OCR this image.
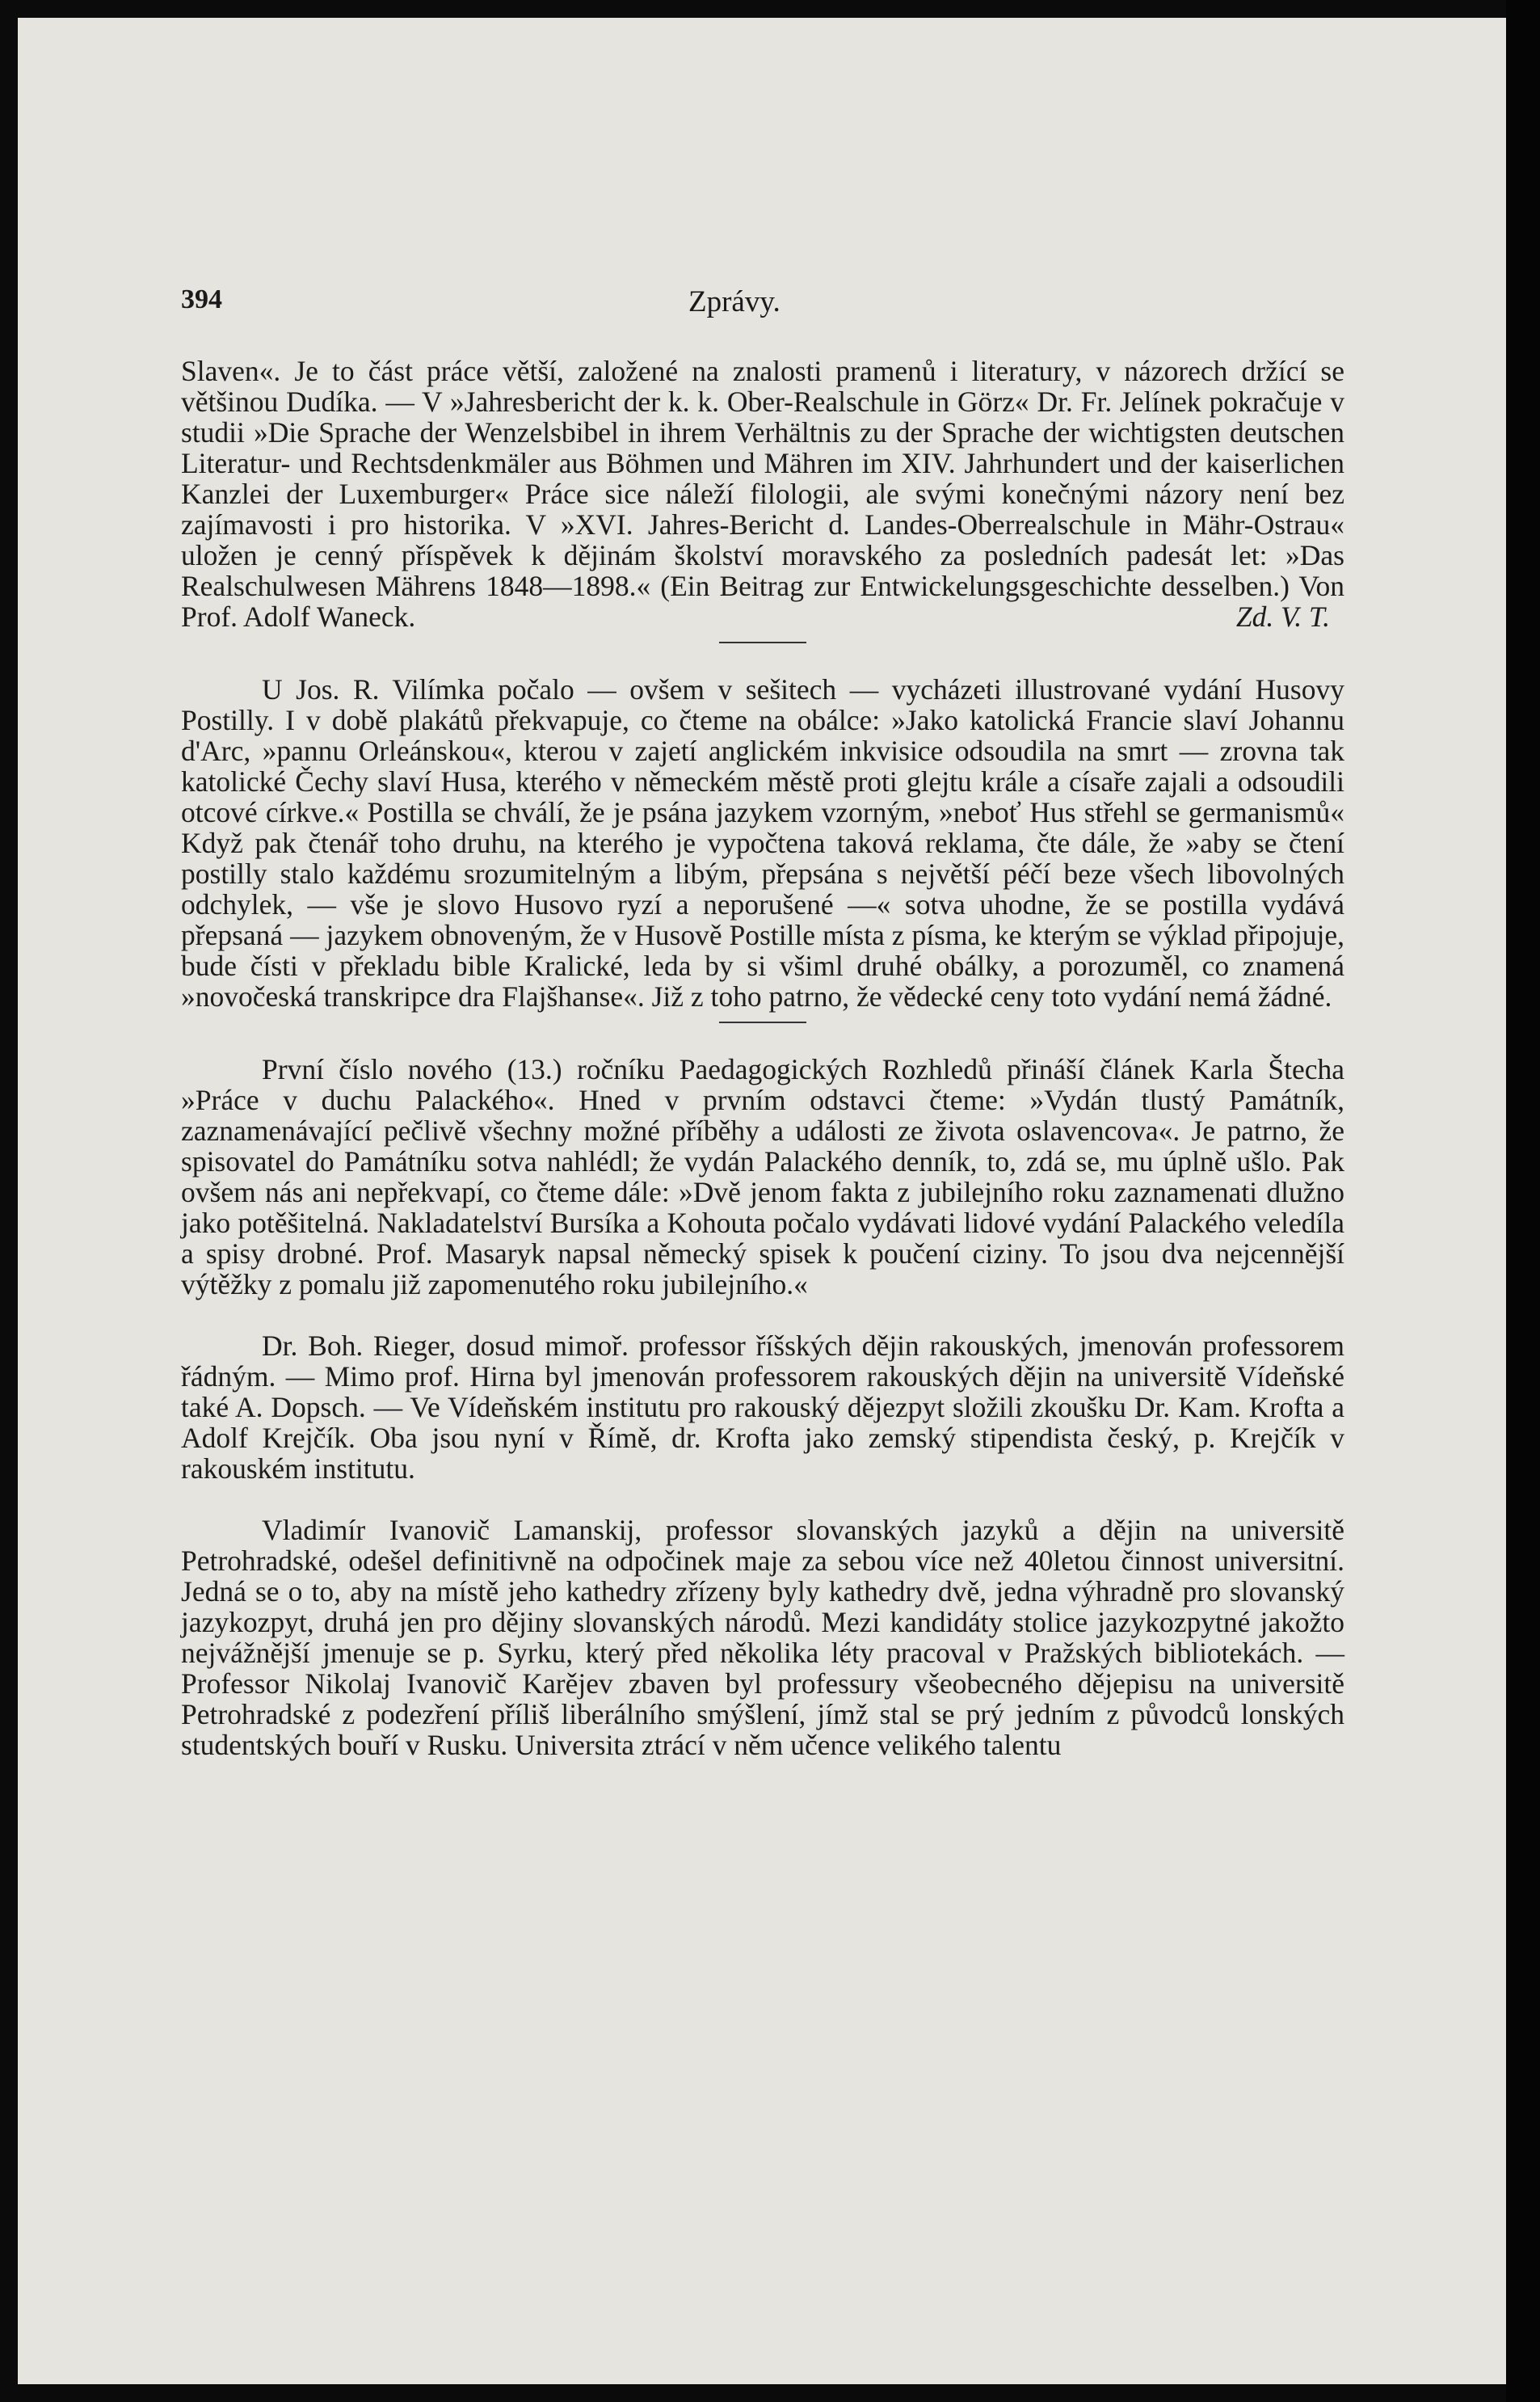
394	Zprávy.

Slaven«. Je to část práce větší, založené na znalosti pramenů i literatury, v názorech držící se většinou Dudíka. — V »Jahresbericht der k. k. Ober-Realschule in Görz« Dr. Fr. Jelínek pokračuje v studii »Die Sprache der Wenzelsbibel in ihrem Verhältnis zu der Sprache der wichtigsten deutschen Literatur- und Rechtsdenkmäler aus Böhmen und Mähren im XIV. Jahrhundert und der kaiserlichen Kanzlei der Luxemburger« Práce sice náleží filologii, ale svými konečnými názory není bez zajímavosti i pro historika. V »XVI. Jahres-Bericht d. Landes-Oberrealschule in Mähr-Ostrau« uložen je cenný příspěvek k dějinám školství moravského za posledních padesát let: »Das Realschulwesen Mährens 1848—1898.« (Ein Beitrag zur Entwickelungsgeschichte desselben.) Von Prof. Adolf Waneck.	Zd. V. T.

U Jos. R. Vilímka počalo — ovšem v sešitech — vycházeti illustrované vydání Husovy Postilly. I v době plakátů překvapuje, co čteme na obálce: »Jako katolická Francie slaví Johannu d'Arc, »pannu Orleánskou«, kterou v zajetí anglickém inkvisice odsoudila na smrt — zrovna tak katolické Čechy slaví Husa, kterého v německém městě proti glejtu krále a císaře zajali a odsoudili otcové církve.« Postilla se chválí, že je psána jazykem vzorným, »neboť Hus střehl se germanismů« Když pak čtenář toho druhu, na kterého je vypočtena taková reklama, čte dále, že »aby se čtení postilly stalo každému srozumitelným a libým, přepsána s největší péčí beze všech libovolných odchylek, — vše je slovo Husovo ryzí a neporušené —« sotva uhodne, že se postilla vydává přepsaná — jazykem obnoveným, že v Husově Postille místa z písma, ke kterým se výklad připojuje, bude čísti v překladu bible Kralické, leda by si všiml druhé obálky, a porozuměl, co znamená »novočeská transkripce dra Flajšhanse«. Již z toho patrno, že vědecké ceny toto vydání nemá žádné.

První číslo nového (13.) ročníku Paedagogických Rozhledů přináší článek Karla Štecha »Práce v duchu Palackého«. Hned v prvním odstavci čteme: »Vydán tlustý Památník, zaznamenávající pečlivě všechny možné příběhy a události ze života oslavencova«. Je patrno, že spisovatel do Památníku sotva nahlédl; že vydán Palackého denník, to, zdá se, mu úplně ušlo. Pak ovšem nás ani nepřekvapí, co čteme dále: »Dvě jenom fakta z jubilejního roku zaznamenati dlužno jako potěšitelná. Nakladatelství Bursíka a Kohouta počalo vydávati lidové vydání Palackého veledíla a spisy drobné. Prof. Masaryk napsal německý spisek k poučení ciziny. To jsou dva nejcennější výtěžky z pomalu již zapomenutého roku jubilejního.«

Dr. Boh. Rieger, dosud mimoř. professor říšských dějin rakouských, jmenován professorem řádným. — Mimo prof. Hirna byl jmenován professorem rakouských dějin na universitě Vídeňské také A. Dopsch. — Ve Vídeňském institutu pro rakouský dějezpyt složili zkoušku Dr. Kam. Krofta a Adolf Krejčík. Oba jsou nyní v Římě, dr. Krofta jako zemský stipendista český, p. Krejčík v rakouském institutu.

Vladimír Ivanovič Lamanskij, professor slovanských jazyků a dějin na universitě Petrohradské, odešel definitivně na odpočinek maje za sebou více než 40letou činnost universitní. Jedná se o to, aby na místě jeho kathedry zřízeny byly kathedry dvě, jedna výhradně pro slovanský jazykozpyt, druhá jen pro dějiny slovanských národů. Mezi kandidáty stolice jazykozpytné jakožto nejvážnější jmenuje se p. Syrku, který před několika léty pracoval v Pražských bibliotekách. — Professor Nikolaj Ivanovič Karějev zbaven byl professury všeobecného dějepisu na universitě Petrohradské z podezření příliš liberálního smýšlení, jímž stal se prý jedním z původců lonských studentských bouří v Rusku. Universita ztrácí v něm učence velikého talentu
